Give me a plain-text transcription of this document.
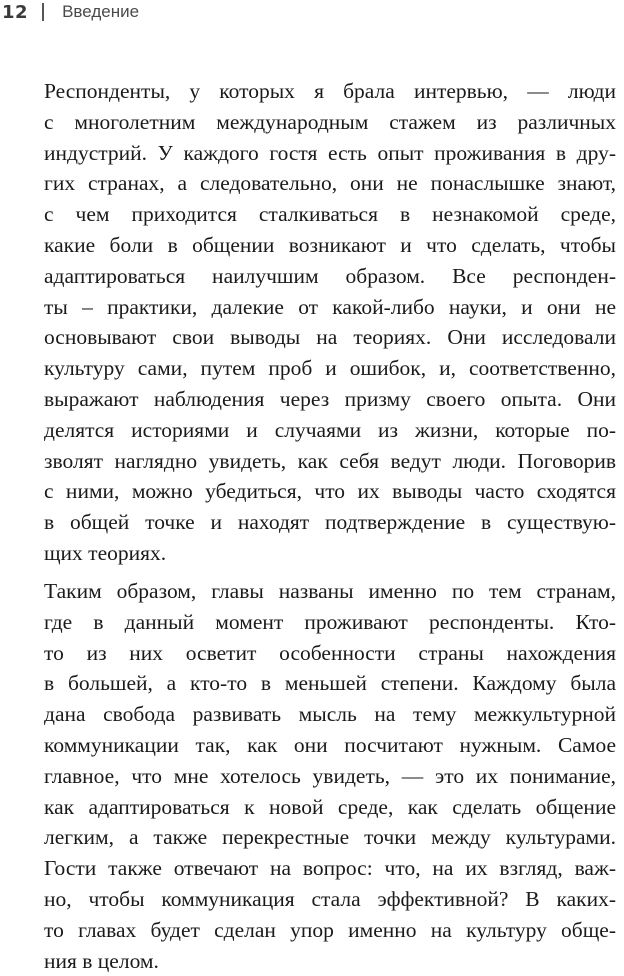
12 Введение
Респонденты, у которых я брала интервью, — люди
с многолетним международным стажем из различных
индустрий. У каждого гостя есть опыт проживания в дру-
гих странах, а следовательно, они не понаслышке знают,
с чем приходится сталкиваться в незнакомой среде,
какие боли в общении возникают и что сделать, чтобы
адаптироваться наилучшим образом. Все респонден-
ты – практики, далекие от какой-либо науки, и они не
основывают свои выводы на теориях. Они исследовали
культуру сами, путем проб и ошибок, и, соответственно,
выражают наблюдения через призму своего опыта. Они
делятся историями и случаями из жизни, которые по-
зволят наглядно увидеть, как себя ведут люди. Поговорив
с ними, можно убедиться, что их выводы часто сходятся
в общей точке и находят подтверждение в существую-
щих теориях.
Таким образом, главы названы именно по тем странам,
где в данный момент проживают респонденты. Кто-
то из них осветит особенности страны нахождения
в большей, а кто-то в меньшей степени. Каждому была
дана свобода развивать мысль на тему межкультурной
коммуникации так, как они посчитают нужным. Самое
главное, что мне хотелось увидеть, — это их понимание,
как адаптироваться к новой среде, как сделать общение
легким, а также перекрестные точки между культурами.
Гости также отвечают на вопрос: что, на их взгляд, важ-
но, чтобы коммуникация стала эффективной? В каких-
то главах будет сделан упор именно на культуру обще-
ния в целом.
